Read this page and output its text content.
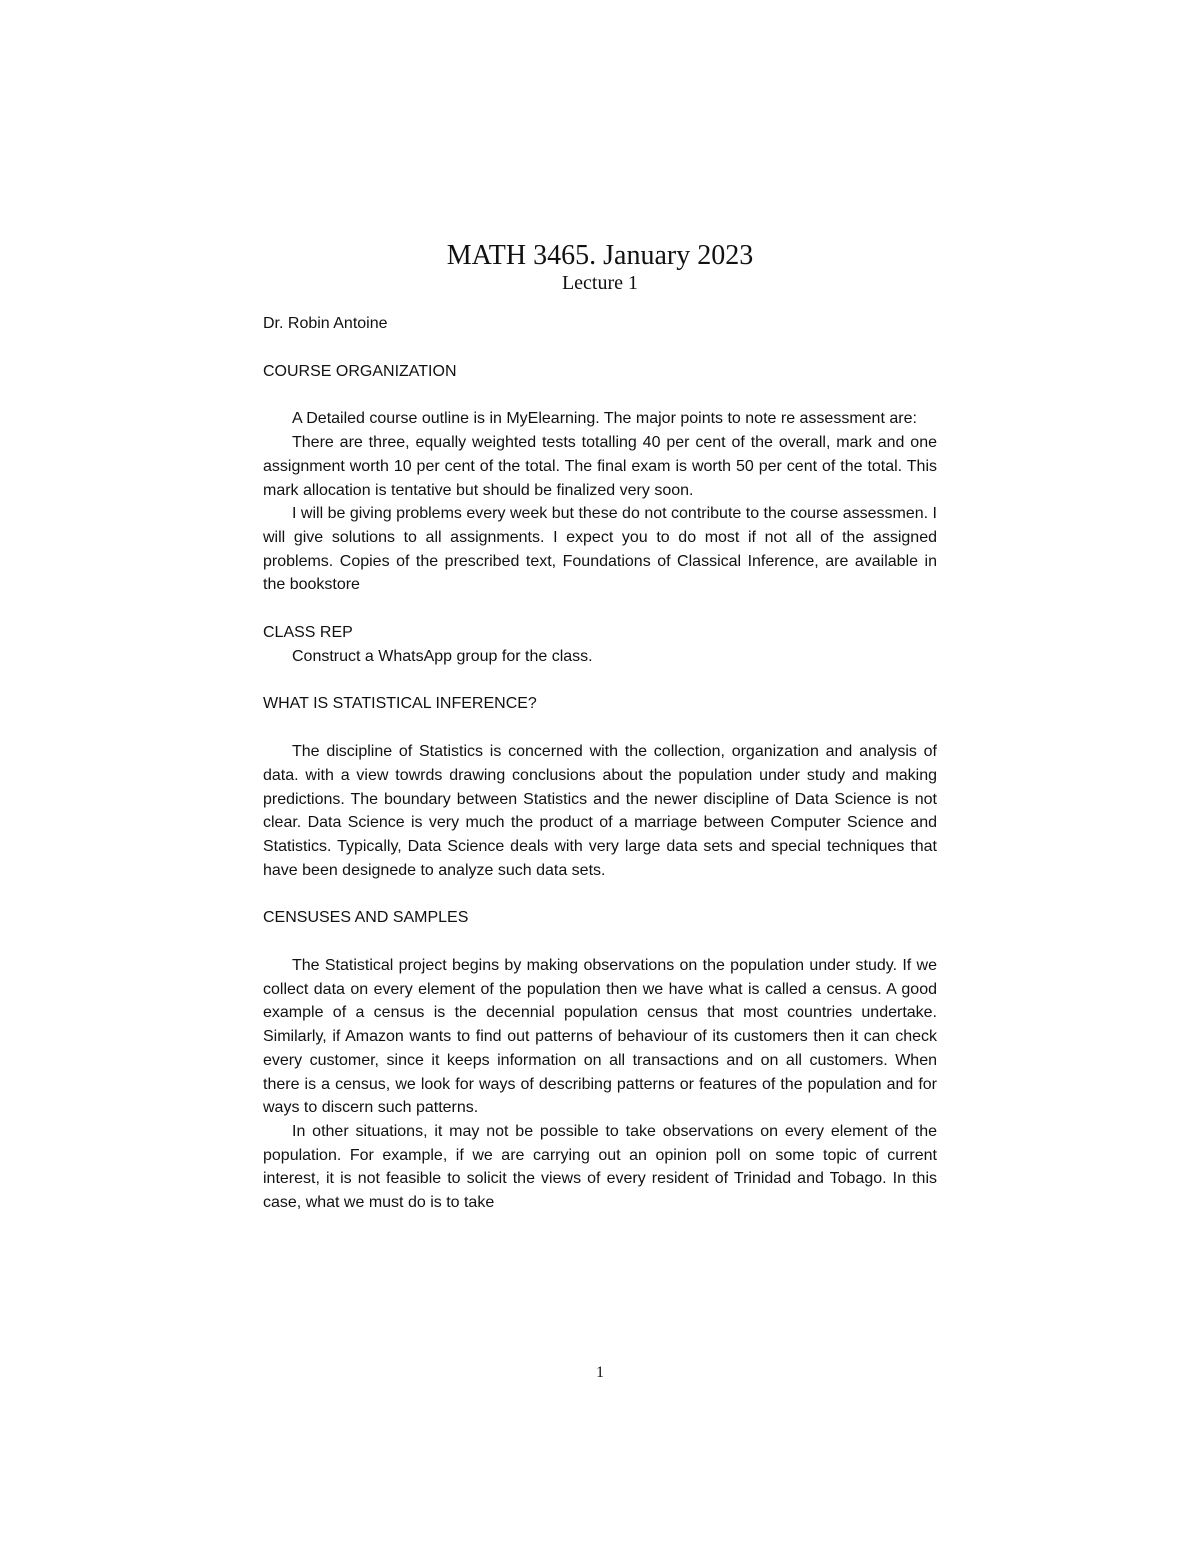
MATH 3465. January 2023
Lecture 1

Dr. Robin Antoine

COURSE ORGANIZATION

A Detailed course outline is in MyElearning. The major points to note re assessment are:

There are three, equally weighted tests totalling 40 per cent of the overall, mark and one assignment worth 10 per cent of the total. The final exam is worth 50 per cent of the total. This mark allocation is tentative but should be finalized very soon.

I will be giving problems every week but these do not contribute to the course assessmen. I will give solutions to all assignments. I expect you to do most if not all of the assigned problems. Copies of the prescribed text, Foundations of Classical Inference, are available in the bookstore

CLASS REP

Construct a WhatsApp group for the class.

WHAT IS STATISTICAL INFERENCE?

The discipline of Statistics is concerned with the collection, organization and analysis of data. with a view towrds drawing conclusions about the population under study and making predictions. The boundary between Statistics and the newer discipline of Data Science is not clear. Data Science is very much the product of a marriage between Computer Science and Statistics. Typically, Data Science deals with very large data sets and special techniques that have been designede to analyze such data sets.

CENSUSES AND SAMPLES

The Statistical project begins by making observations on the population under study. If we collect data on every element of the population then we have what is called a census. A good example of a census is the decennial population census that most countries undertake. Similarly, if Amazon wants to find out patterns of behaviour of its customers then it can check every customer, since it keeps information on all transactions and on all customers. When there is a census, we look for ways of describing patterns or features of the population and for ways to discern such patterns.

In other situations, it may not be possible to take observations on every element of the population. For example, if we are carrying out an opinion poll on some topic of current interest, it is not feasible to solicit the views of every resident of Trinidad and Tobago. In this case, what we must do is to take

1
